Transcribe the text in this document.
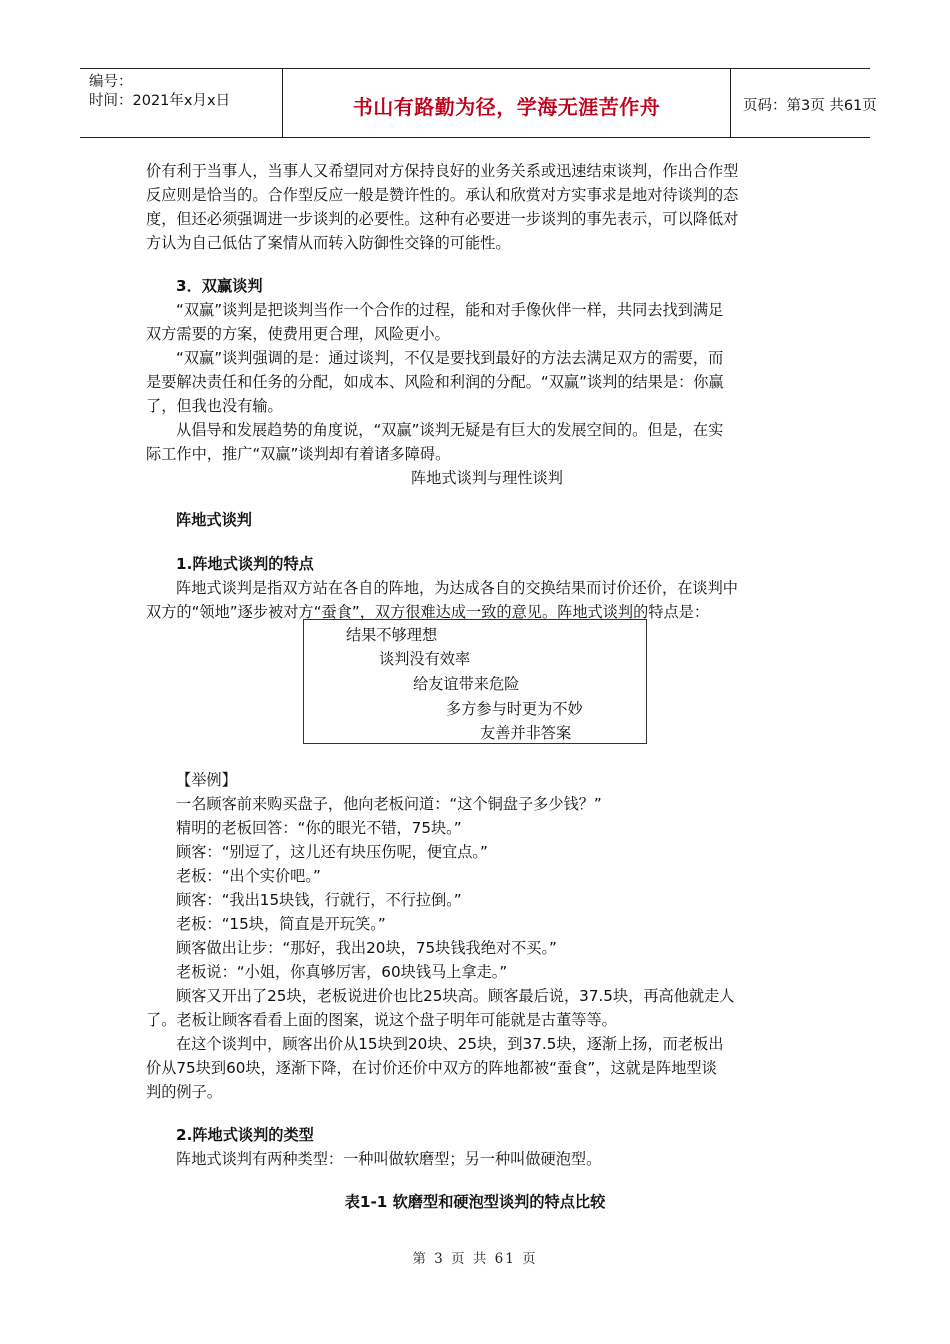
编号：
时间：2021年x月x日	书山有路勤为径，学海无涯苦作舟	页码：第3页 共61页
价有利于当事人，当事人又希望同对方保持良好的业务关系或迅速结束谈判，作出合作型
反应则是恰当的。合作型反应一般是赞许性的。承认和欣赏对方实事求是地对待谈判的态
度，但还必须强调进一步谈判的必要性。这种有必要进一步谈判的事先表示，可以降低对
方认为自己低估了案情从而转入防御性交锋的可能性。
3．双赢谈判
“双赢”谈判是把谈判当作一个合作的过程，能和对手像伙伴一样，共同去找到满足
双方需要的方案，使费用更合理，风险更小。
“双赢”谈判强调的是：通过谈判，不仅是要找到最好的方法去满足双方的需要，而
是要解决责任和任务的分配，如成本、风险和利润的分配。“双赢”谈判的结果是：你赢
了，但我也没有输。
从倡导和发展趋势的角度说，“双赢”谈判无疑是有巨大的发展空间的。但是，在实
际工作中，推广“双赢”谈判却有着诸多障碍。
阵地式谈判与理性谈判
阵地式谈判
1.阵地式谈判的特点
阵地式谈判是指双方站在各自的阵地，为达成各自的交换结果而讨价还价，在谈判中
双方的“领地”逐步被对方“蚕食”，双方很难达成一致的意见。阵地式谈判的特点是：
结果不够理想
谈判没有效率
给友谊带来危险
多方参与时更为不妙
友善并非答案
【举例】
一名顾客前来购买盘子，他向老板问道：“这个铜盘子多少钱？”
精明的老板回答：“你的眼光不错，75块。”
顾客：“别逗了，这儿还有块压伤呢，便宜点。”
老板：“出个实价吧。”
顾客：“我出15块钱，行就行，不行拉倒。”
老板：“15块，简直是开玩笑。”
顾客做出让步：“那好，我出20块，75块钱我绝对不买。”
老板说：“小姐，你真够厉害，60块钱马上拿走。”
顾客又开出了25块，老板说进价也比25块高。顾客最后说，37.5块，再高他就走人
了。老板让顾客看看上面的图案，说这个盘子明年可能就是古董等等。
在这个谈判中，顾客出价从15块到20块、25块，到37.5块，逐渐上扬，而老板出
价从75块到60块，逐渐下降，在讨价还价中双方的阵地都被“蚕食”，这就是阵地型谈
判的例子。
2.阵地式谈判的类型
阵地式谈判有两种类型：一种叫做软磨型；另一种叫做硬泡型。
表1-1 软磨型和硬泡型谈判的特点比较
第 3 页 共 61 页
